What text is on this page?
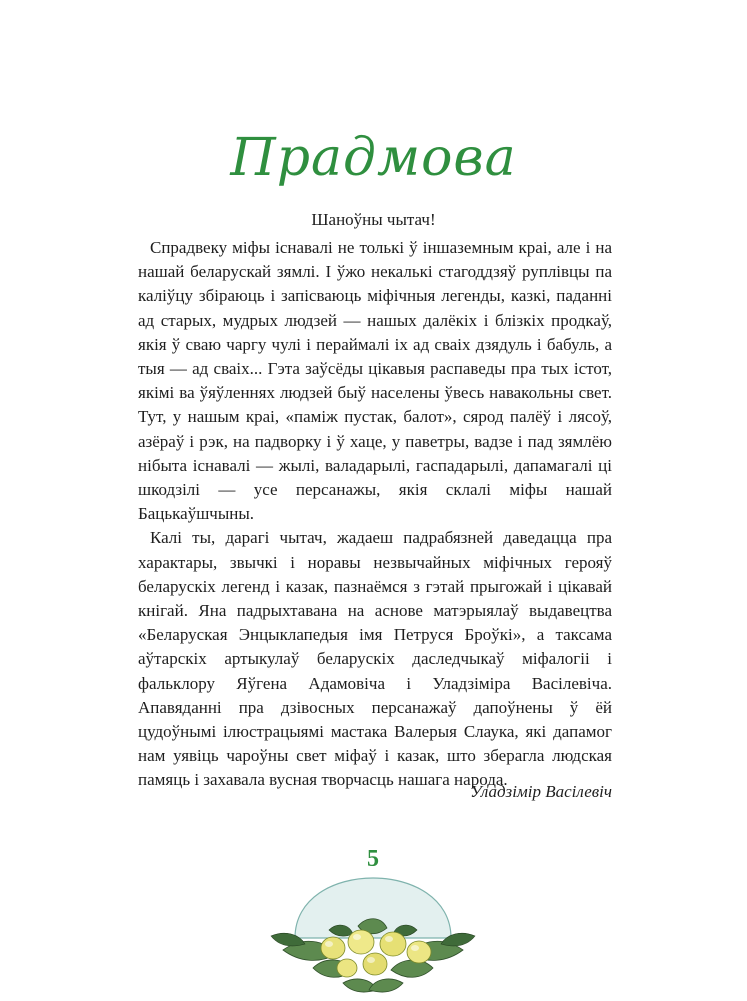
Прадмова
Шаноўны чытач!

Спрадвеку міфы існавалі не толькі ў іншаземным краі, але і на нашай беларускай зямлі. І ўжо некалькі стагоддзяў руплівцы па каліўцу збіраюць і запісваюць міфічныя легенды, казкі, паданні ад старых, мудрых людзей — нашых далёкіх і блізкіх продкаў, якія ў сваю чаргу чулі і пераймалі іх ад сваіх дзядуль і бабуль, а тыя — ад сваіх... Гэта заўсёды цікавыя распаведы пра тых істот, якімі ва ўяўленнях людзей быў населены ўвесь навакольны свет. Тут, у нашым краі, «паміж пустак, балот», сярод палёў і лясоў, азёраў і рэк, на падворку і ў хаце, у паветры, вадзе і пад зямлёю нібыта існавалі — жылі, валадарылі, гаспадарылі, дапамагалі ці шкодзілі — усе персанажы, якія склалі міфы нашай Бацькаўшчыны.

Калі ты, дарагі чытач, жадаеш падрабязней даведацца пра характары, звычкі і норавы незвычайных міфічных герояў беларускіх легенд і казак, пазнаёмся з гэтай прыгожай і цікавай кнігай. Яна падрыхтавана на аснове матэрыялаў выдавецтва «Беларуская Энцыклапедыя імя Петруся Броўкі», а таксама аўтарскіх артыкулаў беларускіх даследчыкаў міфалогіі і фальклору Яўгена Адамовіча і Уладзіміра Васілевіча. Апавяданні пра дзівосных персанажаў дапоўнены ў ёй цудоўнымі ілюстрацыямі мастака Валерыя Слаука, які дапамог нам уявіць чароўны свет міфаў і казак, што зберагла людская памяць і захавала вусная творчасць нашага народа.

Уладзімір Васілевіч
5
